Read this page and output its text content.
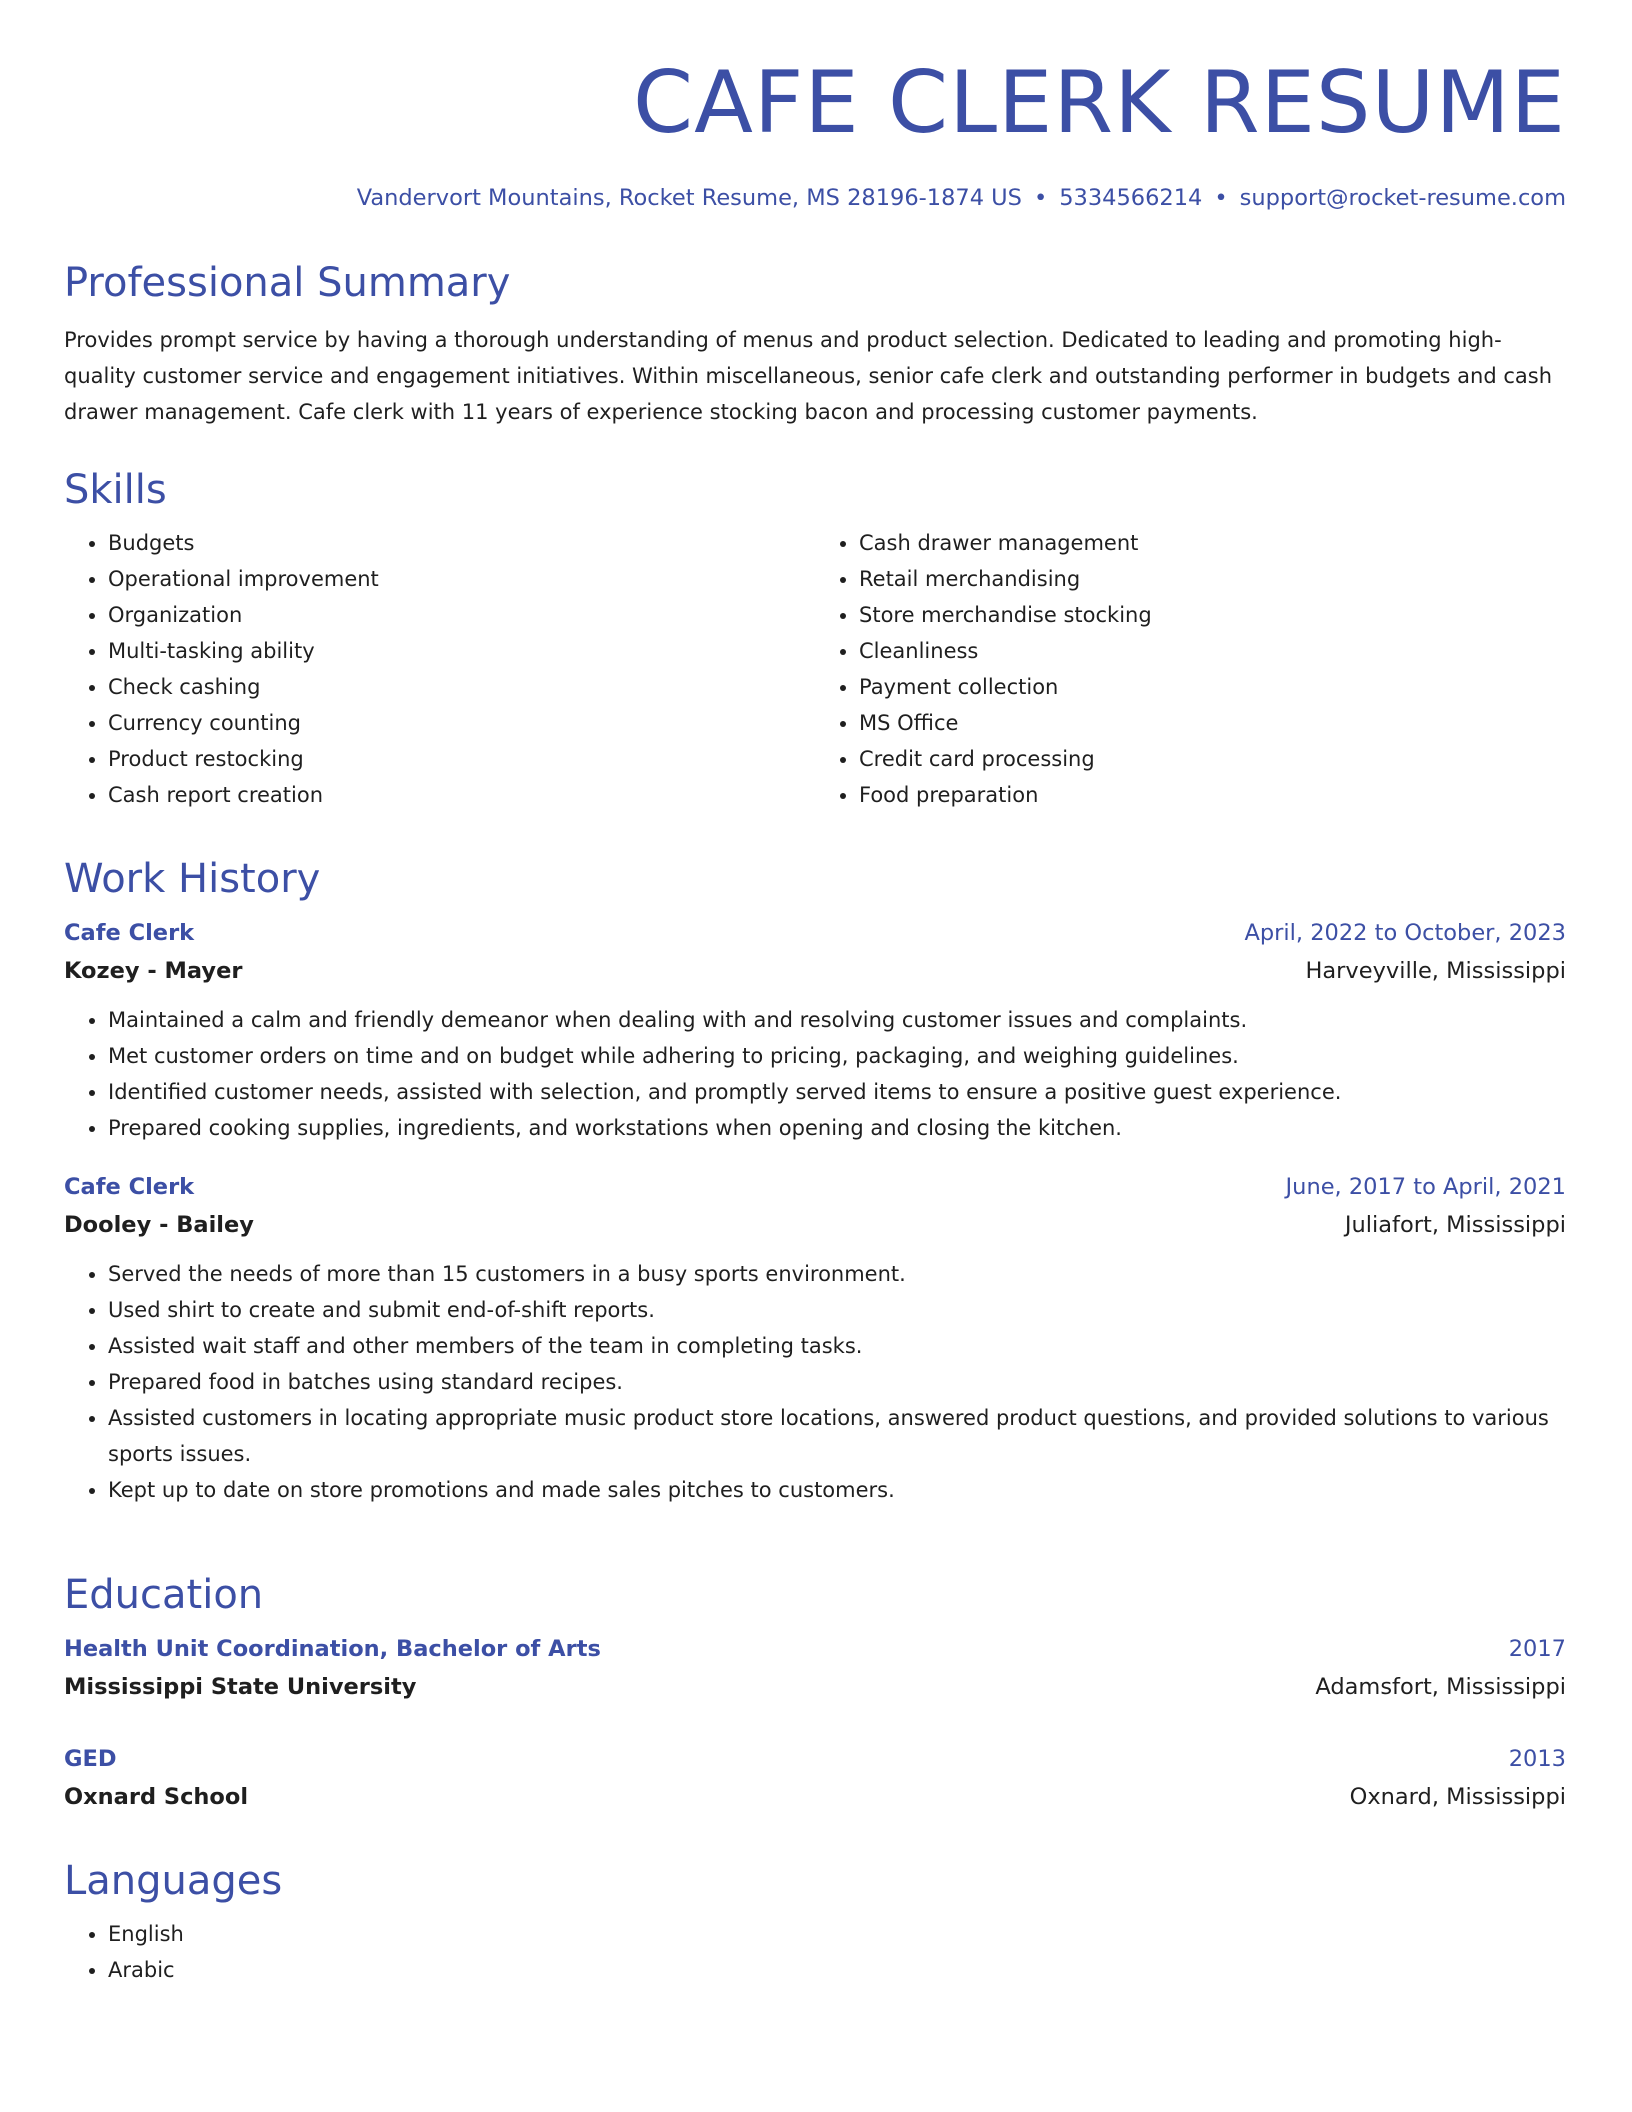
CAFE CLERK RESUME
Vandervort Mountains, Rocket Resume, MS 28196-1874 US • 5334566214 • support@rocket-resume.com
Professional Summary
Provides prompt service by having a thorough understanding of menus and product selection. Dedicated to leading and promoting high-quality customer service and engagement initiatives. Within miscellaneous, senior cafe clerk and outstanding performer in budgets and cash drawer management. Cafe clerk with 11 years of experience stocking bacon and processing customer payments.
Skills
• Budgets
• Operational improvement
• Organization
• Multi-tasking ability
• Check cashing
• Currency counting
• Product restocking
• Cash report creation
• Cash drawer management
• Retail merchandising
• Store merchandise stocking
• Cleanliness
• Payment collection
• MS Office
• Credit card processing
• Food preparation
Work History
Cafe Clerk	April, 2022 to October, 2023
Kozey - Mayer	Harveyville, Mississippi
• Maintained a calm and friendly demeanor when dealing with and resolving customer issues and complaints.
• Met customer orders on time and on budget while adhering to pricing, packaging, and weighing guidelines.
• Identified customer needs, assisted with selection, and promptly served items to ensure a positive guest experience.
• Prepared cooking supplies, ingredients, and workstations when opening and closing the kitchen.
Cafe Clerk	June, 2017 to April, 2021
Dooley - Bailey	Juliafort, Mississippi
• Served the needs of more than 15 customers in a busy sports environment.
• Used shirt to create and submit end-of-shift reports.
• Assisted wait staff and other members of the team in completing tasks.
• Prepared food in batches using standard recipes.
• Assisted customers in locating appropriate music product store locations, answered product questions, and provided solutions to various sports issues.
• Kept up to date on store promotions and made sales pitches to customers.
Education
Health Unit Coordination, Bachelor of Arts	2017
Mississippi State University	Adamsfort, Mississippi
GED	2013
Oxnard School	Oxnard, Mississippi
Languages
• English
• Arabic
